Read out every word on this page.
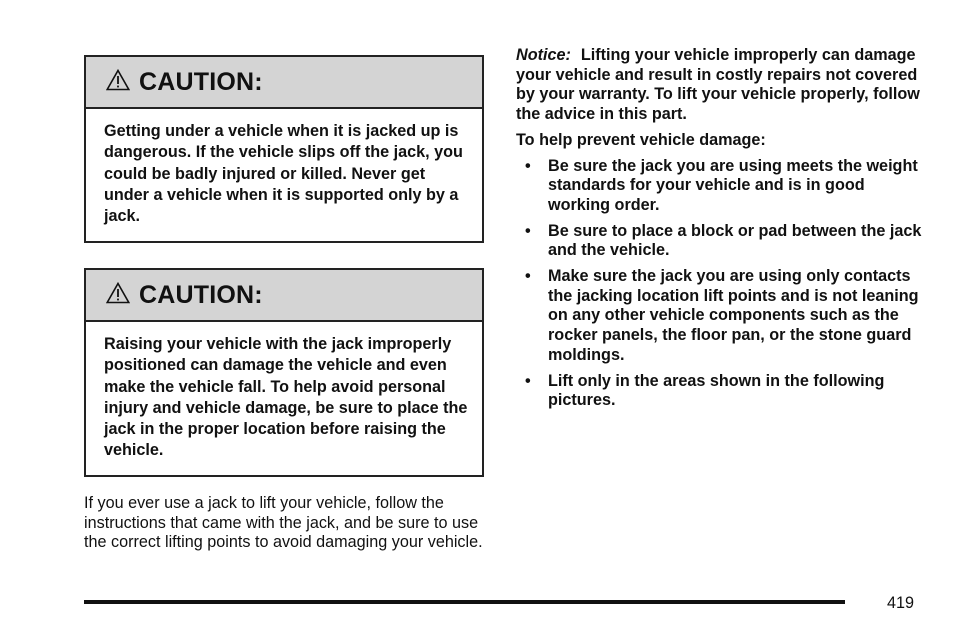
CAUTION:
Getting under a vehicle when it is jacked up is dangerous. If the vehicle slips off the jack, you could be badly injured or killed. Never get under a vehicle when it is supported only by a jack.
CAUTION:
Raising your vehicle with the jack improperly positioned can damage the vehicle and even make the vehicle fall. To help avoid personal injury and vehicle damage, be sure to place the jack in the proper location before raising the vehicle.
If you ever use a jack to lift your vehicle, follow the instructions that came with the jack, and be sure to use the correct lifting points to avoid damaging your vehicle.

Notice: Lifting your vehicle improperly can damage your vehicle and result in costly repairs not covered by your warranty. To lift your vehicle properly, follow the advice in this part.

To help prevent vehicle damage:

• Be sure the jack you are using meets the weight standards for your vehicle and is in good working order.
• Be sure to place a block or pad between the jack and the vehicle.
• Make sure the jack you are using only contacts the jacking location lift points and is not leaning on any other vehicle components such as the rocker panels, the floor pan, or the stone guard moldings.
• Lift only in the areas shown in the following pictures.
419
